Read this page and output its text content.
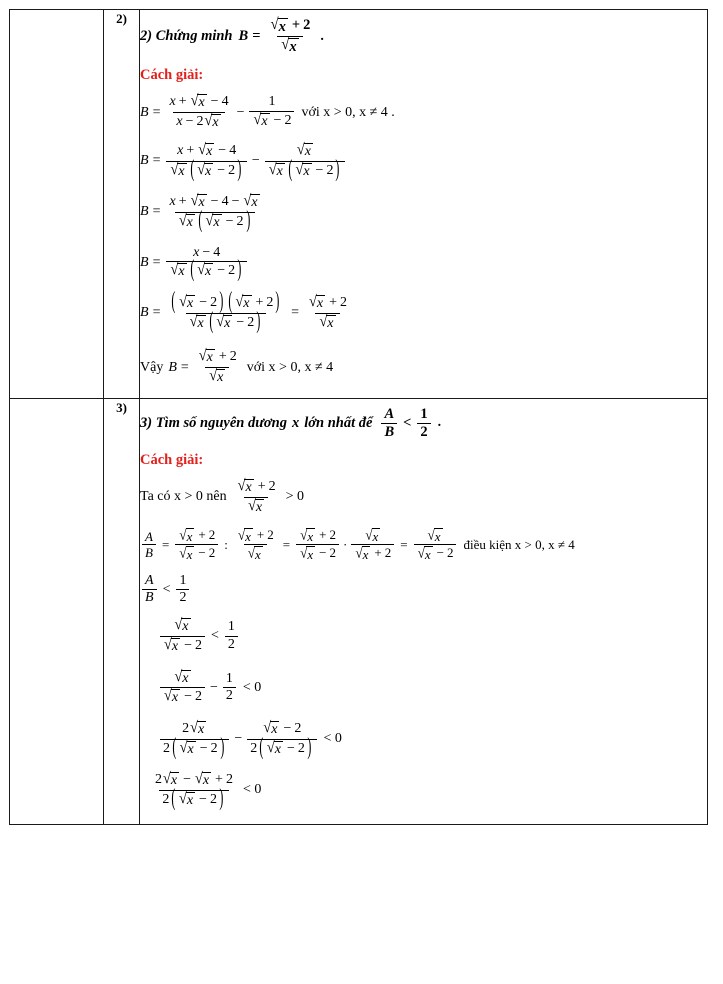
	2)	
2) Chứng minh $B = \frac{√ x + 2}{√ x}$ .
Cách giải:
$B = \frac{x + √ x - 4}{x - 2 √ x} - \frac{1}{√ x - 2}$ với x > 0, x ≠ 4 .
$B = \frac{x + √ x - 4}{√ x ( √ x - 2 )} - \frac{√ x}{√ x ( √ x - 2 )}$
$B = \frac{x + √ x - 4 - √ x}{√ x ( √ x - 2 )}$
$B = \frac{x - 4}{√ x ( √ x - 2 )}$
$B = \frac{( √ x - 2 ) ( √ x + 2 )}{√ x ( √ x - 2 )} = \frac{√ x + 2}{√ x}$
Vậy $B = \frac{√ x + 2}{√ x}$ với x > 0, x ≠ 4

	3)	
3) Tìm số nguyên dương x lớn nhất để $\frac{A}{B} < \frac{1}{2}$ .
Cách giải:
Ta có x > 0 nên $\frac{√ x + 2}{√ x} > 0$
$\frac{A}{B} = \frac{√ x + 2}{√ x - 2}$ : $\frac{√ x + 2}{√ x} = \frac{√ x + 2}{√ x - 2} \cdot \frac{√ x}{√ x + 2} = \frac{√ x}{√ x - 2}$ điều kiện x > 0, x ≠ 4
$\frac{A}{B} < \frac{1}{2}$
$\frac{√ x}{√ x - 2} < \frac{1}{2}$
$\frac{√ x}{√ x - 2} - \frac{1}{2} < 0$
$\frac{2 √ x}{2 ( √ x - 2 )} - \frac{√ x - 2}{2 ( √ x - 2 )} < 0$
$\frac{2 √ x - √ x + 2}{2 ( √ x - 2 )} < 0$
